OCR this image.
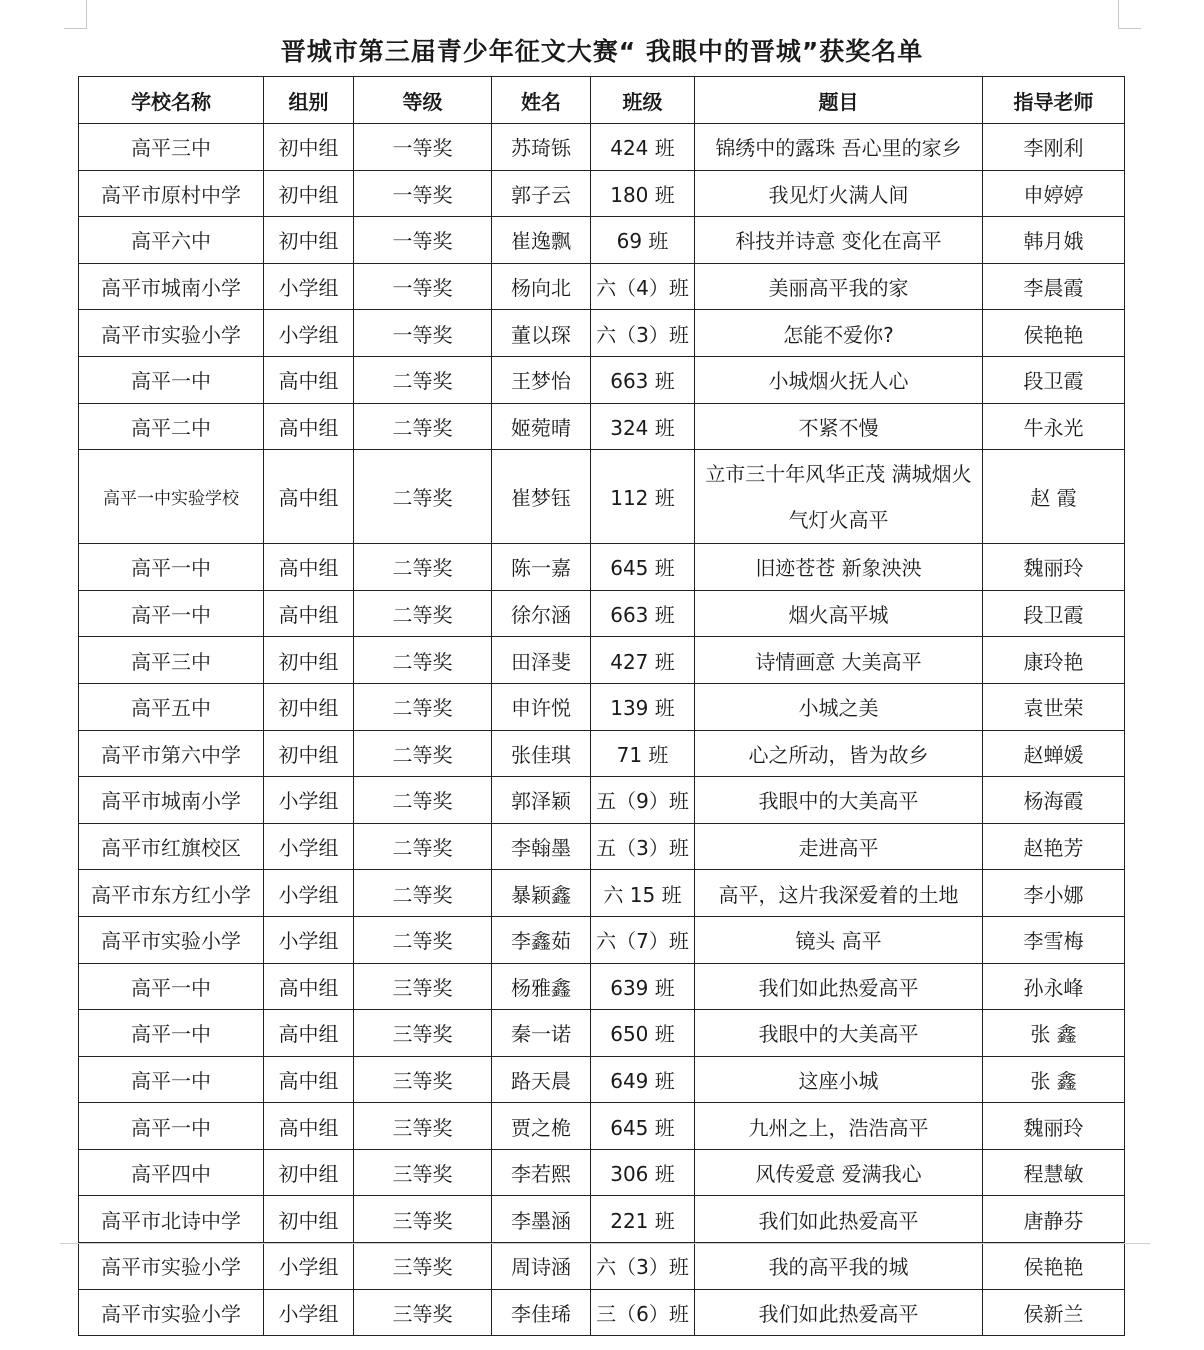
晋城市第三届青少年征文大赛“ 我眼中的晋城”获奖名单
学校名称	组别	等级	姓名	班级	题目	指导老师
高平三中	初中组	一等奖	苏琦铄	424 班	锦绣中的露珠 吾心里的家乡	李刚利
高平市原村中学	初中组	一等奖	郭子云	180 班	我见灯火满人间	申婷婷
高平六中	初中组	一等奖	崔逸飘	69 班	科技并诗意 变化在高平	韩月娥
高平市城南小学	小学组	一等奖	杨向北	六（4）班	美丽高平我的家	李晨霞
高平市实验小学	小学组	一等奖	董以琛	六（3）班	怎能不爱你?	侯艳艳
高平一中	高中组	二等奖	王梦怡	663 班	小城烟火抚人心	段卫霞
高平二中	高中组	二等奖	姬菀晴	324 班	不紧不慢	牛永光
高平一中实验学校	高中组	二等奖	崔梦钰	112 班	立市三十年风华正茂 满城烟火气灯火高平	赵 霞
高平一中	高中组	二等奖	陈一嘉	645 班	旧迹苍苍 新象泱泱	魏丽玲
高平一中	高中组	二等奖	徐尔涵	663 班	烟火高平城	段卫霞
高平三中	初中组	二等奖	田泽斐	427 班	诗情画意 大美高平	康玲艳
高平五中	初中组	二等奖	申许悦	139 班	小城之美	袁世荣
高平市第六中学	初中组	二等奖	张佳琪	71 班	心之所动，皆为故乡	赵蝉媛
高平市城南小学	小学组	二等奖	郭泽颖	五（9）班	我眼中的大美高平	杨海霞
高平市红旗校区	小学组	二等奖	李翰墨	五（3）班	走进高平	赵艳芳
高平市东方红小学	小学组	二等奖	暴颖鑫	六 15 班	高平，这片我深爱着的土地	李小娜
高平市实验小学	小学组	二等奖	李鑫茹	六（7）班	镜头 高平	李雪梅
高平一中	高中组	三等奖	杨雅鑫	639 班	我们如此热爱高平	孙永峰
高平一中	高中组	三等奖	秦一诺	650 班	我眼中的大美高平	张 鑫
高平一中	高中组	三等奖	路天晨	649 班	这座小城	张 鑫
高平一中	高中组	三等奖	贾之桅	645 班	九州之上，浩浩高平	魏丽玲
高平四中	初中组	三等奖	李若熙	306 班	风传爱意 爱满我心	程慧敏
高平市北诗中学	初中组	三等奖	李墨涵	221 班	我们如此热爱高平	唐静芬
高平市实验小学	小学组	三等奖	周诗涵	六（3）班	我的高平我的城	侯艳艳
高平市实验小学	小学组	三等奖	李佳琋	三（6）班	我们如此热爱高平	侯新兰
